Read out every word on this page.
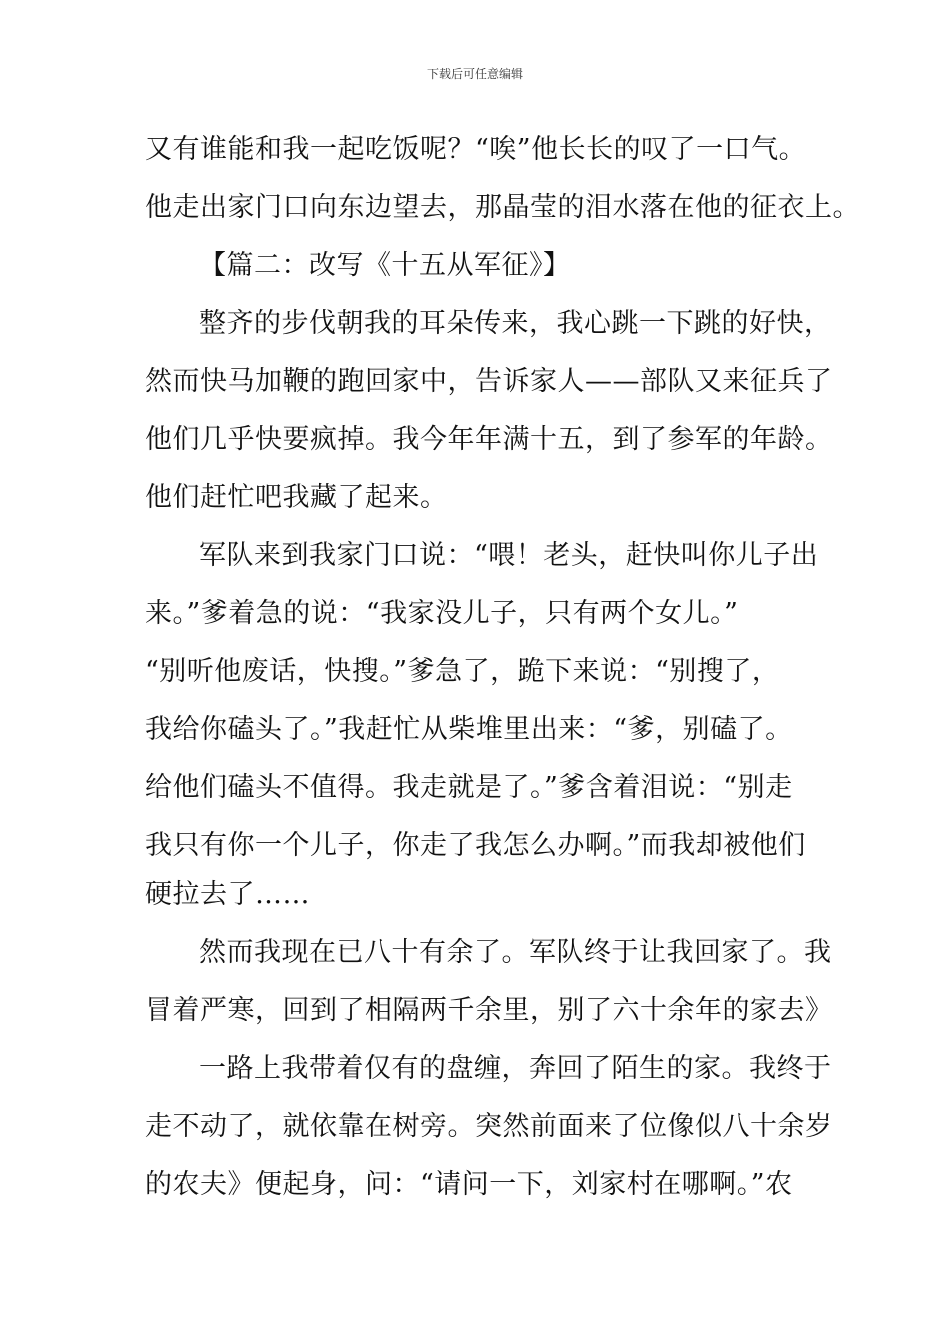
下载后可任意编辑
又有谁能和我一起吃饭呢？“唉”他长长的叹了一口气。
他走出家门口向东边望去，那晶莹的泪水落在他的征衣上。
【篇二：改写《十五从军征》】
整齐的步伐朝我的耳朵传来，我心跳一下跳的好快，
然而快马加鞭的跑回家中，告诉家人——部队又来征兵了
他们几乎快要疯掉。我今年年满十五，到了参军的年龄。
他们赶忙吧我藏了起来。
军队来到我家门口说：“喂！老头，赶快叫你儿子出
来。”爹着急的说：“我家没儿子，只有两个女儿。”
“别听他废话，快搜。”爹急了，跪下来说：“别搜了，
我给你磕头了。”我赶忙从柴堆里出来：“爹，别磕了。
给他们磕头不值得。我走就是了。”爹含着泪说：“别走
我只有你一个儿子，你走了我怎么办啊。”而我却被他们
硬拉去了……
然而我现在已八十有余了。军队终于让我回家了。我
冒着严寒，回到了相隔两千余里，别了六十余年的家去》
一路上我带着仅有的盘缠，奔回了陌生的家。我终于
走不动了，就依靠在树旁。突然前面来了位像似八十余岁
的农夫》便起身，问：“请问一下，刘家村在哪啊。”农
